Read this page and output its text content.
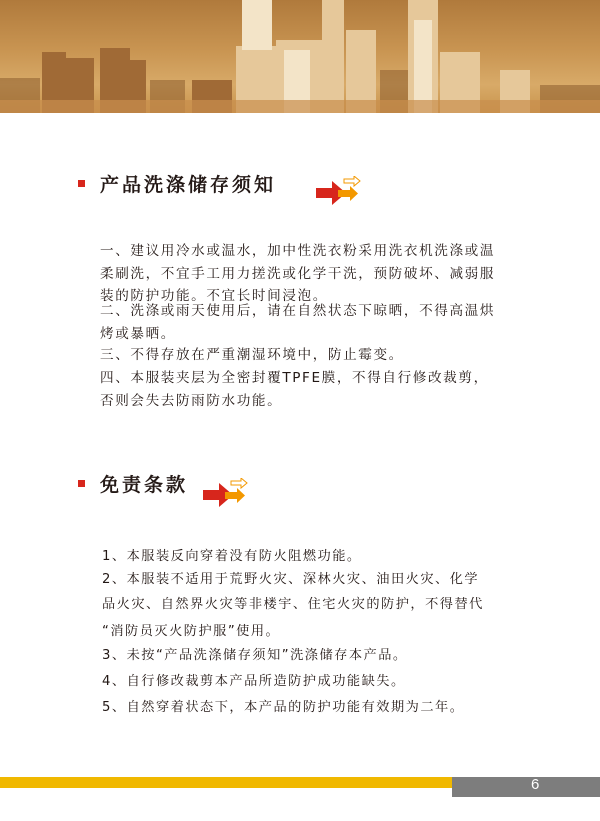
产品洗涤储存须知

一、建议用冷水或温水，加中性洗衣粉采用洗衣机洗涤或温柔刷洗，不宜手工用力搓洗或化学干洗，预防破坏、减弱服装的防护功能。不宜长时间浸泡。

二、洗涤或雨天使用后，请在自然状态下晾晒，不得高温烘烤或暴晒。

三、不得存放在严重潮湿环境中，防止霉变。

四、本服装夹层为全密封覆TPFE膜，不得自行修改裁剪，否则会失去防雨防水功能。

免责条款
1、本服装反向穿着没有防火阻燃功能。
2、本服装不适用于荒野火灾、深林火灾、油田火灾、化学
品火灾、自然界火灾等非楼宇、住宅火灾的防护，不得替代
“消防员灭火防护服”使用。
3、未按“产品洗涤储存须知”洗涤储存本产品。
4、自行修改裁剪本产品所造防护成功能缺失。
5、自然穿着状态下，本产品的防护功能有效期为二年。
6
